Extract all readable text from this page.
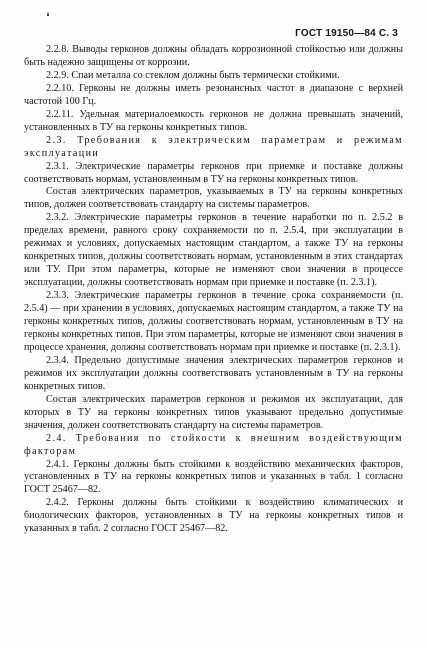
ГОСТ 19150—84 С. 3

2.2.8. Выводы герконов должны обладать коррозионной стойкостью или должны быть надежно защищены от коррозии.

2.2.9. Спаи металла со стеклом должны быть термически стойкими.

2.2.10. Герконы не должны иметь резонансных частот в диапазоне с верхней частотой 100 Гц.

2.2.11. Удельная материалоемкость герконов не должна превышать значений, установленных в ТУ на герконы конкретных типов.

2.3. Требования к электрическим параметрам и режимам эксплуатации

2.3.1. Электрические параметры герконов при приемке и поставке должны соответствовать нормам, установленным в ТУ на герконы конкретных типов.

Состав электрических параметров, указываемых в ТУ на герконы конкретных типов, должен соответствовать стандарту на системы параметров.

2.3.2. Электрические параметры герконов в течение наработки по п. 2.5.2 в пределах времени, равного сроку сохраняемости по п. 2.5.4, при эксплуатации в режимах и условиях, допускаемых настоящим стандартом, а также ТУ на герконы конкретных типов, должны соответствовать нормам, установленным в этих стандартах или ТУ. При этом параметры, которые не изменяют свои значения в процессе эксплуатации, должны соответствовать нормам при приемке и поставке (п. 2.3.1).

2.3.3. Электрические параметры герконов в течение срока сохраняемости (п. 2.5.4) — при хранении в условиях, допускаемых настоящим стандартом, а также ТУ на герконы конкретных типов, должны соответствовать нормам, установленным в ТУ на герконы конкретных типов. При этом параметры, которые не изменяют свои значения в процессе хранения, должны соответствовать нормам при приемке и поставке (п. 2.3.1).

2.3.4. Предельно допустимые значения электрических параметров герконов и режимов их эксплуатации должны соответствовать установленным в ТУ на герконы конкретных типов.

Состав электрических параметров герконов и режимов их эксплуатации, для которых в ТУ на герконы конкретных типов указывают предельно допустимые значения, должен соответствовать стандарту на системы параметров.

2.4. Требования по стойкости к внешним воздействующим факторам

2.4.1. Герконы должны быть стойкими к воздействию механических факторов, установленных в ТУ на герконы конкретных типов и указанных в табл. 1 согласно ГОСТ 25467—82.

2.4.2. Герконы должны быть стойкими к воздействию климатических и биологических факторов, установленных в ТУ на герконы конкретных типов и указанных в табл. 2 согласно ГОСТ 25467—82.
